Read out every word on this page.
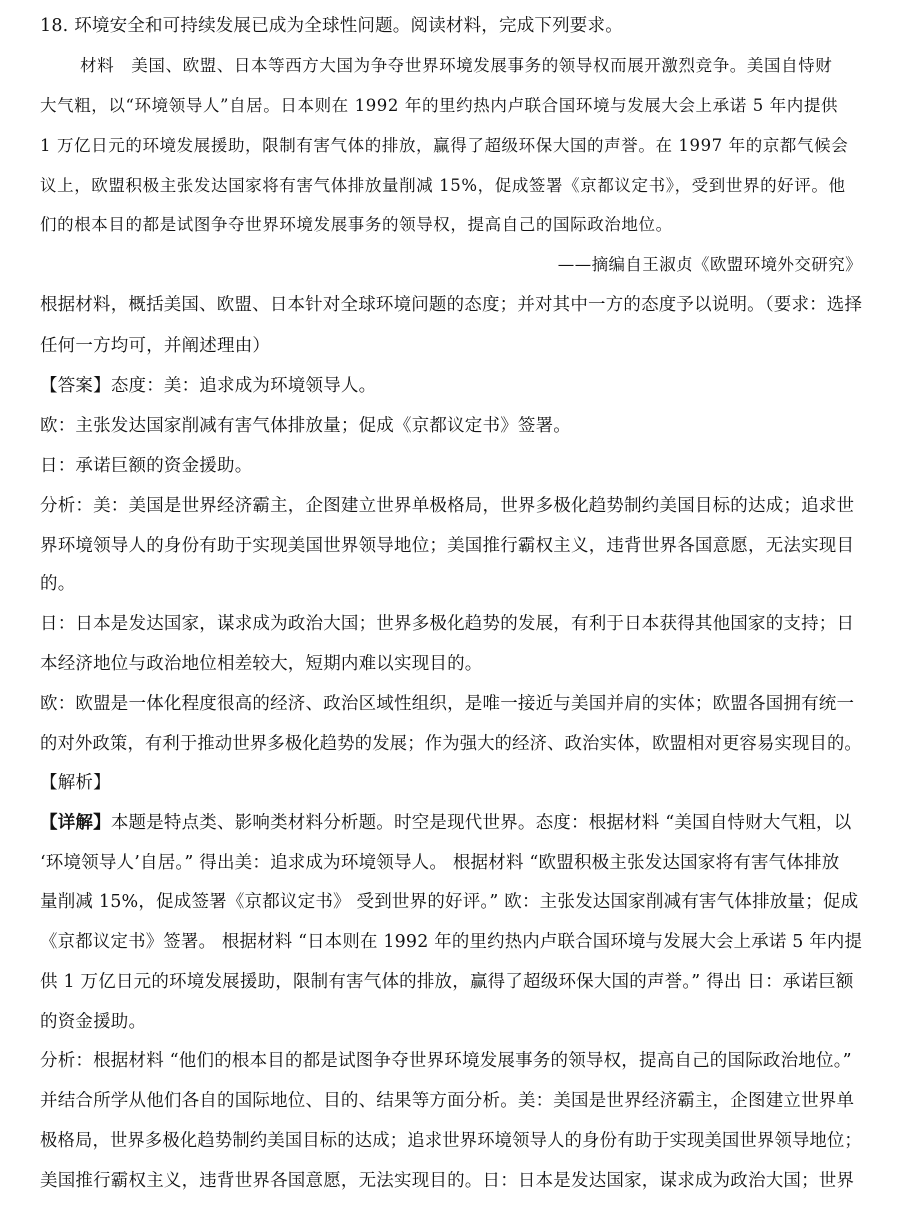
18. 环境安全和可持续发展已成为全球性问题。阅读材料，完成下列要求。
材料　美国、欧盟、日本等西方大国为争夺世界环境发展事务的领导权而展开激烈竞争。美国自恃财
大气粗，以“环境领导人”自居。日本则在 1992 年的里约热内卢联合国环境与发展大会上承诺 5 年内提供
1 万亿日元的环境发展援助，限制有害气体的排放，赢得了超级环保大国的声誉。在 1997 年的京都气候会
议上，欧盟积极主张发达国家将有害气体排放量削减 15%，促成签署《京都议定书》，受到世界的好评。他
们的根本目的都是试图争夺世界环境发展事务的领导权，提高自己的国际政治地位。
——摘编自王淑贞《欧盟环境外交研究》
根据材料，概括美国、欧盟、日本针对全球环境问题的态度；并对其中一方的态度予以说明。（要求：选择
任何一方均可，并阐述理由）
【答案】态度：美：追求成为环境领导人。
欧：主张发达国家削减有害气体排放量；促成《京都议定书》签署。
日：承诺巨额的资金援助。
分析：美：美国是世界经济霸主，企图建立世界单极格局，世界多极化趋势制约美国目标的达成；追求世
界环境领导人的身份有助于实现美国世界领导地位；美国推行霸权主义，违背世界各国意愿，无法实现目
的。
日：日本是发达国家，谋求成为政治大国；世界多极化趋势的发展，有利于日本获得其他国家的支持；日
本经济地位与政治地位相差较大，短期内难以实现目的。
欧：欧盟是一体化程度很高的经济、政治区域性组织，是唯一接近与美国并肩的实体；欧盟各国拥有统一
的对外政策，有利于推动世界多极化趋势的发展；作为强大的经济、政治实体，欧盟相对更容易实现目的。
【解析】
【详解】本题是特点类、影响类材料分析题。时空是现代世界。态度：根据材料 “美国自恃财大气粗，以
‘环境领导人’自居。” 得出美：追求成为环境领导人。 根据材料 “欧盟积极主张发达国家将有害气体排放
量削减 15%，促成签署《京都议定书》 受到世界的好评。” 欧：主张发达国家削减有害气体排放量；促成
《京都议定书》签署。 根据材料 “日本则在 1992 年的里约热内卢联合国环境与发展大会上承诺 5 年内提
供 1 万亿日元的环境发展援助，限制有害气体的排放，赢得了超级环保大国的声誉。” 得出 日：承诺巨额
的资金援助。
分析：根据材料 “他们的根本目的都是试图争夺世界环境发展事务的领导权，提高自己的国际政治地位。”
并结合所学从他们各自的国际地位、目的、结果等方面分析。美：美国是世界经济霸主，企图建立世界单
极格局，世界多极化趋势制约美国目标的达成；追求世界环境领导人的身份有助于实现美国世界领导地位；
美国推行霸权主义，违背世界各国意愿，无法实现目的。日：日本是发达国家，谋求成为政治大国；世界
